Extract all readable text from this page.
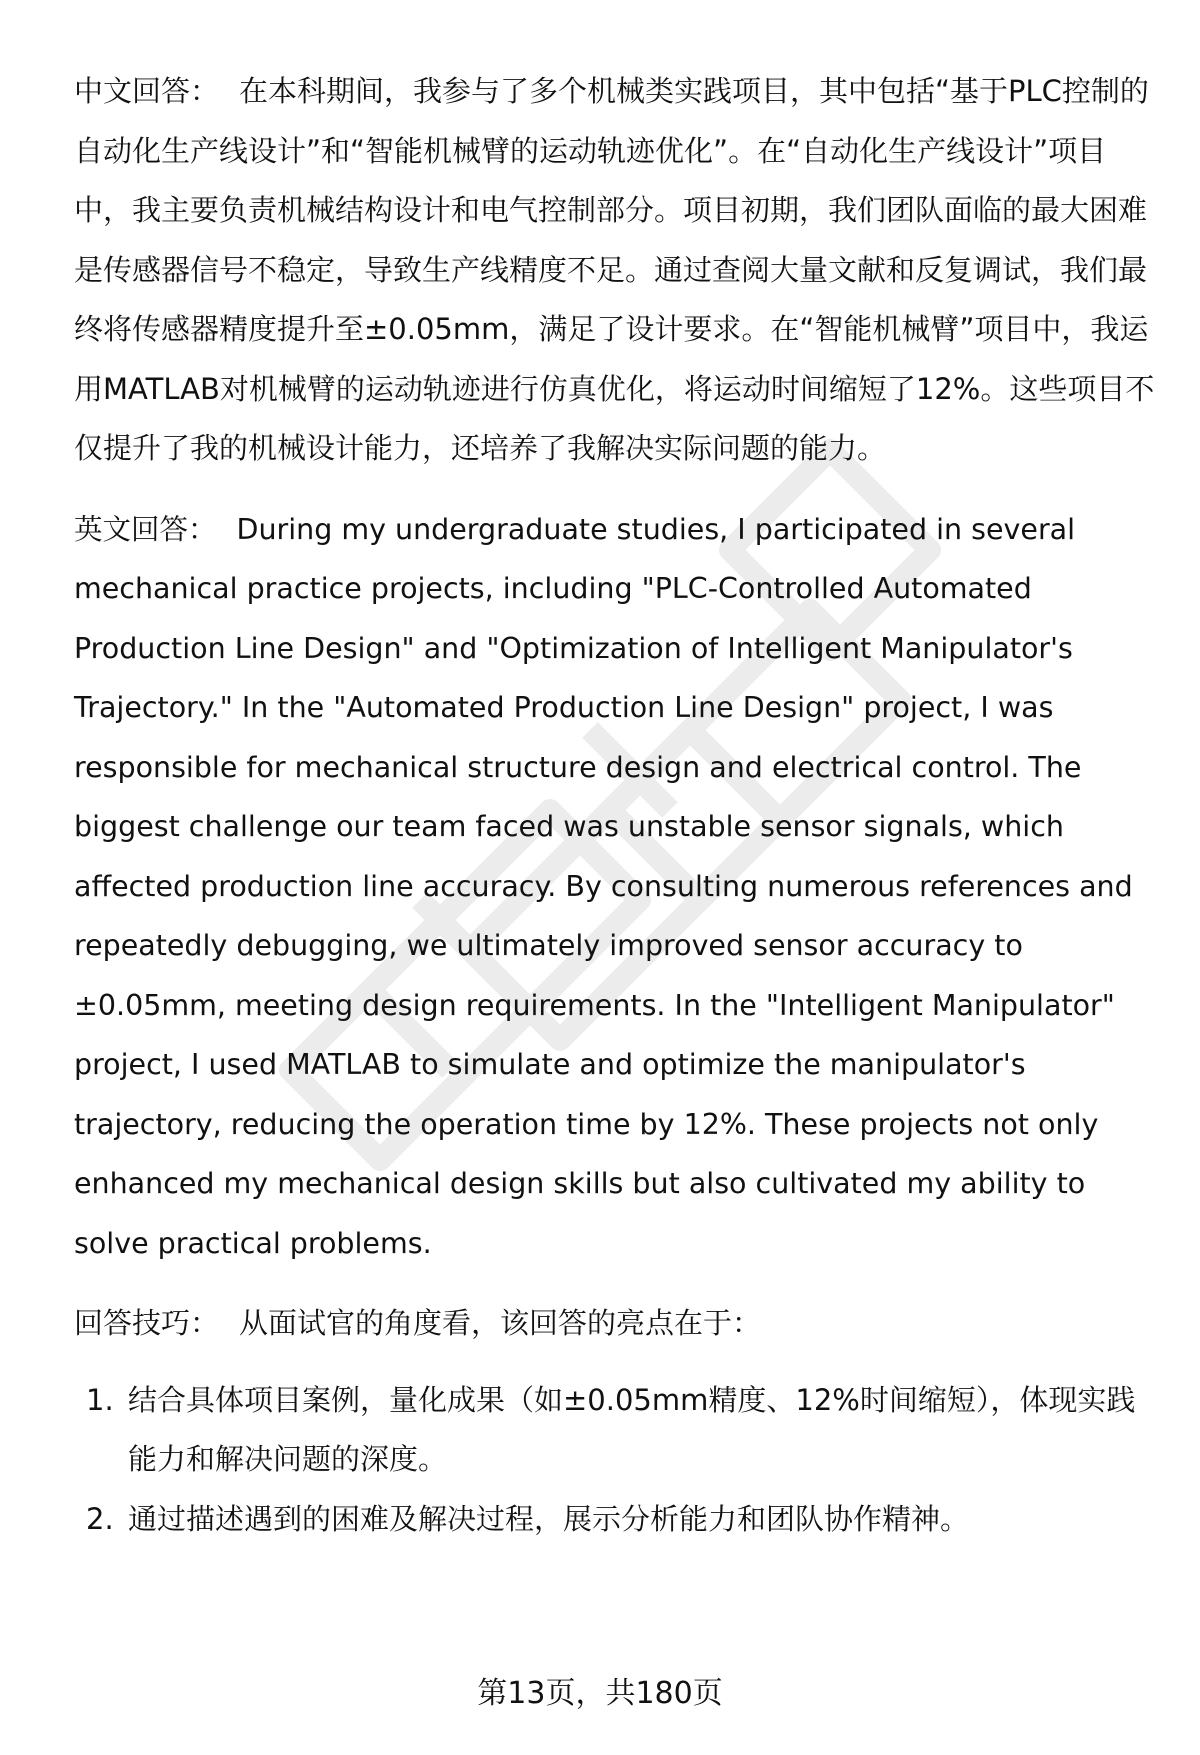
中文回答： 在本科期间，我参与了多个机械类实践项目，其中包括“基于PLC控制的自动化生产线设计”和“智能机械臂的运动轨迹优化”。在“自动化生产线设计”项目中，我主要负责机械结构设计和电气控制部分。项目初期，我们团队面临的最大困难是传感器信号不稳定，导致生产线精度不足。通过查阅大量文献和反复调试，我们最终将传感器精度提升至±0.05mm，满足了设计要求。在“智能机械臂”项目中，我运用MATLAB对机械臂的运动轨迹进行仿真优化，将运动时间缩短了12%。这些项目不仅提升了我的机械设计能力，还培养了我解决实际问题的能力。

英文回答： During my undergraduate studies, I participated in several mechanical practice projects, including "PLC-Controlled Automated Production Line Design" and "Optimization of Intelligent Manipulator's Trajectory." In the "Automated Production Line Design" project, I was responsible for mechanical structure design and electrical control. The biggest challenge our team faced was unstable sensor signals, which affected production line accuracy. By consulting numerous references and repeatedly debugging, we ultimately improved sensor accuracy to ±0.05mm, meeting design requirements. In the "Intelligent Manipulator" project, I used MATLAB to simulate and optimize the manipulator's trajectory, reducing the operation time by 12%. These projects not only enhanced my mechanical design skills but also cultivated my ability to solve practical problems.

回答技巧： 从面试官的角度看，该回答的亮点在于：

1. 结合具体项目案例，量化成果（如±0.05mm精度、12%时间缩短），体现实践能力和解决问题的深度。
2. 通过描述遇到的困难及解决过程，展示分析能力和团队协作精神。
第13页，共180页
